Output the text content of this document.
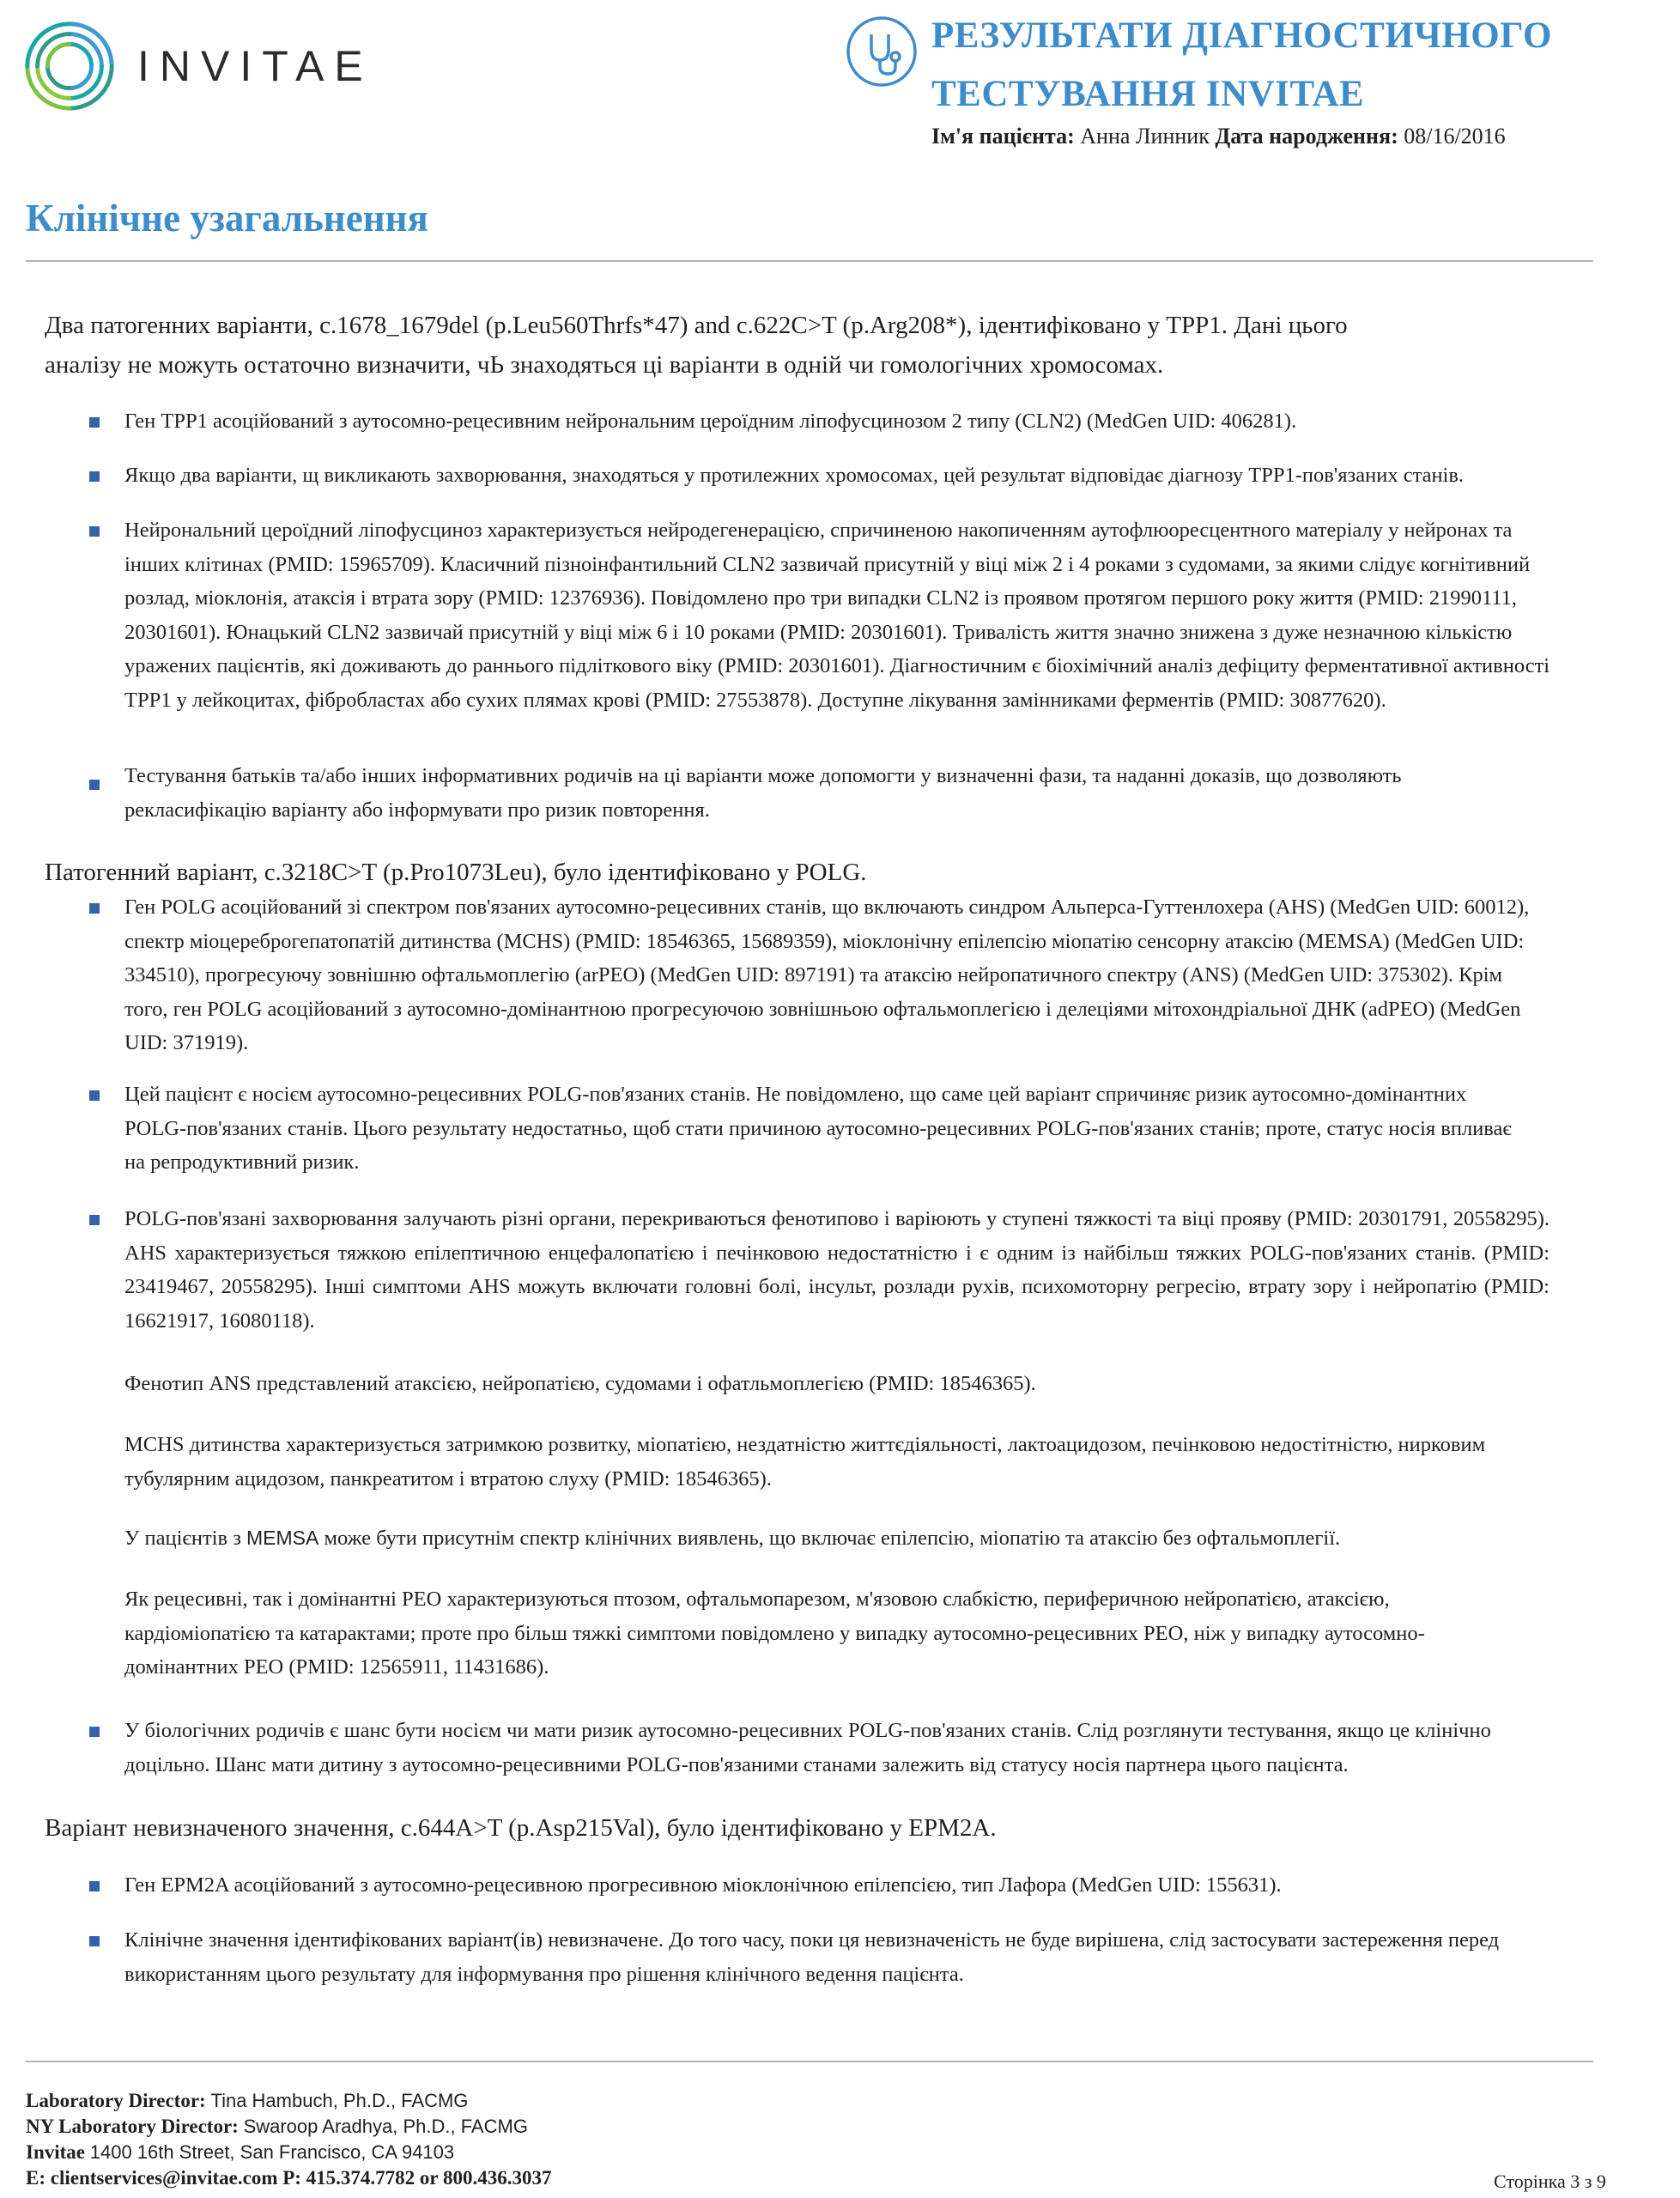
INVITAE
РЕЗУЛЬТАТИ ДІАГНОСТИЧНОГО
ТЕСТУВАННЯ INVITAE
Ім'я пацієнта: Анна Линник Дата народження: 08/16/2016
Клінічне узагальнення
Два патогенних варіанти, c.1678_1679del (p.Leu560Thrfs*47) and c.622C>T (p.Arg208*), ідентифіковано у TPP1. Дані цього
аналізу не можуть остаточно визначити, чЬ знаходяться ці варіанти в одній чи гомологічних хромосомах.
Ген TPP1 асоційований з аутосомно-рецесивним нейрональним цероїдним ліпофусцинозом 2 типу (CLN2) (MedGen UID: 406281).
Якщо два варіанти, щ викликають захворювання, знаходяться у протилежних хромосомах, цей результат відповідає діагнозу TPP1-пов'язаних станів.
Нейрональний цероїдний ліпофусциноз характеризується нейродегенерацією, спричиненою накопиченням аутофлюоресцентного матеріалу у нейронах та інших клітинах (PMID: 15965709). Класичний пізноінфантильний CLN2 зазвичай присутній у віці між 2 і 4 роками з судомами, за якими слідує когнітивний розлад, міоклонія, атаксія і втрата зору (PMID: 12376936). Повідомлено про три випадки CLN2 із проявом протягом першого року життя (PMID: 21990111, 20301601). Юнацький CLN2 зазвичай присутній у віці між 6 і 10 роками (PMID: 20301601). Тривалість життя значно знижена з дуже незначною кількістю уражених пацієнтів, які доживають до раннього підліткового віку (PMID: 20301601). Діагностичним є біохімічний аналіз дефіциту ферментативної активності TPP1 у лейкоцитах, фібробластах або сухих плямах крові (PMID: 27553878). Доступне лікування замінниками ферментів (PMID: 30877620).
Тестування батьків та/або інших інформативних родичів на ці варіанти може допомогти у визначенні фази, та наданні доказів, що дозволяють рекласифікацію варіанту або інформувати про ризик повторення.
Патогенний варіант, c.3218C>T (p.Pro1073Leu), було ідентифіковано у POLG.
Ген POLG асоційований зі спектром пов'язаних аутосомно-рецесивних станів, що включають синдром Альперса-Гуттенлохера (AHS) (MedGen UID: 60012), спектр міоцереброгепатопатій дитинства (MCHS) (PMID: 18546365, 15689359), міоклонічну епілепсію міопатію сенсорну атаксію (MEMSA) (MedGen UID: 334510), прогресуючу зовнішню офтальмоплегію (arPEO) (MedGen UID: 897191) та атаксію нейропатичного спектру (ANS) (MedGen UID: 375302). Крім того, ген POLG асоційований з аутосомно-домінантною прогресуючою зовнішньою офтальмоплегією і делеціями мітохондріальної ДНК (adPEO) (MedGen UID: 371919).
Цей пацієнт є носієм аутосомно-рецесивних POLG-пов'язаних станів. Не повідомлено, що саме цей варіант спричиняє ризик аутосомно-домінантних POLG-пов'язаних станів. Цього результату недостатньо, щоб стати причиною аутосомно-рецесивних POLG-пов'язаних станів; проте, статус носія впливає на репродуктивний ризик.
POLG-пов'язані захворювання залучають різні органи, перекриваються фенотипово і варіюють у ступені тяжкості та віці прояву (PMID: 20301791, 20558295). AHS характеризується тяжкою епілептичною енцефалопатією і печінковою недостатністю і є одним із найбільш тяжких POLG-пов'язаних станів. (PMID: 23419467, 20558295). Інші симптоми AHS можуть включати головні болі, інсульт, розлади рухів, психомоторну регресію, втрату зору і нейропатію (PMID: 16621917, 16080118).
Фенотип ANS представлений атаксією, нейропатією, судомами і офатльмоплегією (PMID: 18546365).
MCHS дитинства характеризується затримкою розвитку, міопатією, нездатністю життєдіяльності, лактоацидозом, печінковою недостітністю, нирковим тубулярним ацидозом, панкреатитом і втратою слуху (PMID: 18546365).
У пацієнтів з MEMSA може бути присутнім спектр клінічних виявлень, що включає епілепсію, міопатію та атаксію без офтальмоплегії.
Як рецесивні, так і домінантні PEO характеризуються птозом, офтальмопарезом, м'язовою слабкістю, периферичною нейропатією, атаксією, кардіоміопатією та катарактами; проте про більш тяжкі симптоми повідомлено у випадку аутосомно-рецесивних PEO, ніж у випадку аутосомно-домінантних PEO (PMID: 12565911, 11431686).
У біологічних родичів є шанс бути носієм чи мати ризик аутосомно-рецесивних POLG-пов'язаних станів. Слід розглянути тестування, якщо це клінічно доцільно. Шанс мати дитину з аутосомно-рецесивними POLG-пов'язаними станами залежить від статусу носія партнера цього пацієнта.
Варіант невизначеного значення, c.644A>T (p.Asp215Val), було ідентифіковано у EPM2A.
Ген EPM2A асоційований з аутосомно-рецесивною прогресивною міоклонічною епілепсією, тип Лафора (MedGen UID: 155631).
Клінічне значення ідентифікованих варіант(ів) невизначене. До того часу, поки ця невизначеність не буде вирішена, слід застосувати застереження перед використанням цього результату для інформування про рішення клінічного ведення пацієнта.
Laboratory Director: Tina Hambuch, Ph.D., FACMG
NY Laboratory Director: Swaroop Aradhya, Ph.D., FACMG
Invitae 1400 16th Street, San Francisco, CA 94103
E: clientservices@invitae.com P: 415.374.7782 or 800.436.3037	Сторінка 3 з 9
